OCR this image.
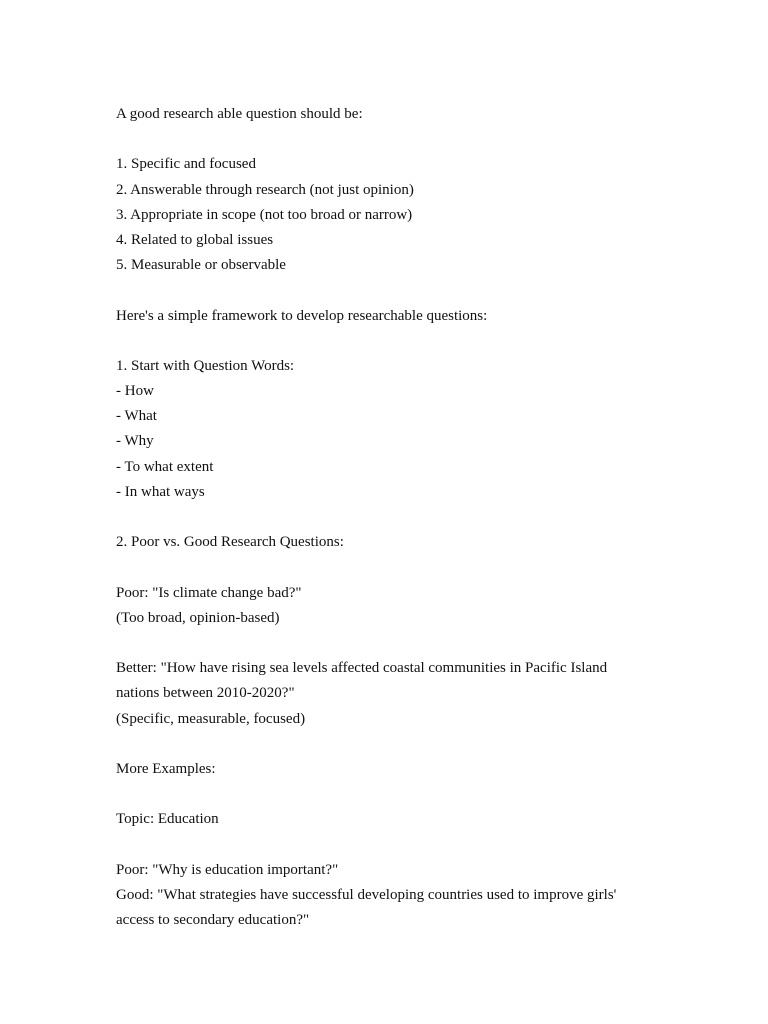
A good research able question should be:
1. Specific and focused
2. Answerable through research (not just opinion)
3. Appropriate in scope (not too broad or narrow)
4. Related to global issues
5. Measurable or observable
Here's a simple framework to develop researchable questions:
1. Start with Question Words:
- How
- What
- Why
- To what extent
- In what ways
2. Poor vs. Good Research Questions:
Poor: "Is climate change bad?"
(Too broad, opinion-based)
Better: "How have rising sea levels affected coastal communities in Pacific Island
nations between 2010-2020?"
(Specific, measurable, focused)
More Examples:
Topic: Education
Poor: "Why is education important?"
Good: "What strategies have successful developing countries used to improve girls'
access to secondary education?"
